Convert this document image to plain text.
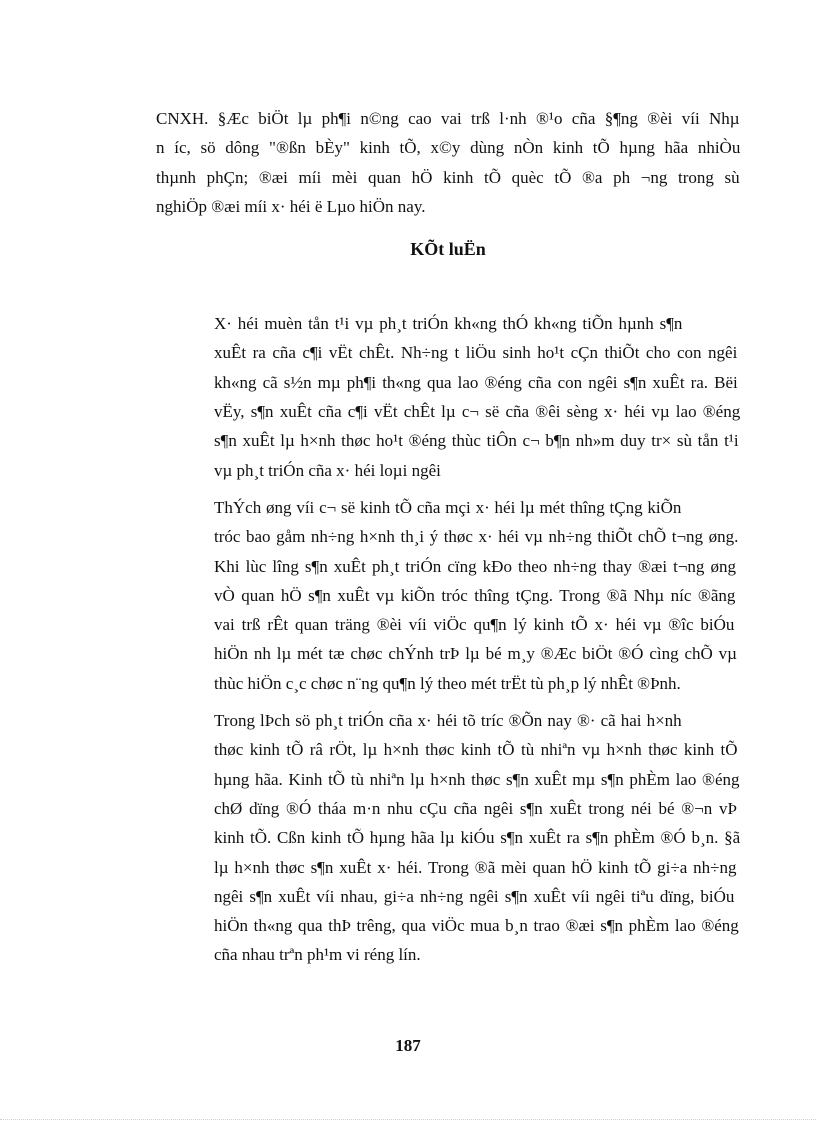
CNXH. §Æc biÖt lµ ph¶i n©ng cao vai trß l·nh ®¹o cña §¶ng ®èi víi Nhµ
n íc, sö dông "®ßn bÈy" kinh tÕ, x©y dùng nÒn kinh tÕ hµng hãa nhiÒu
thµnh phÇn; ®æi míi mèi quan hÖ kinh tÕ quèc tÕ ®a ph ¬ng trong sù
nghiÖp ®æi míi x· héi ë Lµo hiÖn nay.

KÕt luËn

X· héi muèn tån t¹i vµ ph¸t triÓn kh«ng thÓ kh«ng tiÕn hµnh s¶n
xuÊt ra cña c¶i vËt chÊt. Nh÷ng t liÖu sinh ho¹t cÇn thiÕt cho con ngêi
kh«ng cã s½n mµ ph¶i th«ng qua lao ®éng cña con ngêi s¶n xuÊt ra. Bëi
vËy, s¶n xuÊt cña c¶i vËt chÊt lµ c¬ së cña ®êi sèng x· héi vµ lao ®éng
s¶n xuÊt lµ h×nh thøc ho¹t ®éng thùc tiÔn c¬ b¶n nh»m duy tr× sù tån t¹i
vµ ph¸t triÓn cña x· héi loµi ngêi

ThÝch øng víi c¬ së kinh tÕ cña mçi x· héi lµ mét thîng tÇng kiÕn
tróc bao gåm nh÷ng h×nh th¸i ý thøc x· héi vµ nh÷ng thiÕt chÕ t¬ng øng.
Khi lùc lîng s¶n xuÊt ph¸t triÓn cïng kÐo theo nh÷ng thay ®æi t¬ng øng
vÒ quan hÖ s¶n xuÊt vµ kiÕn tróc thîng tÇng. Trong ®ã Nhµ níc ®ãng
vai trß rÊt quan träng ®èi víi viÖc qu¶n lý kinh tÕ x· héi vµ ®îc biÓu
hiÖn nh lµ mét tæ chøc chÝnh trÞ lµ bé m¸y ®Æc biÖt ®Ó cìng chÕ vµ
thùc hiÖn c¸c chøc n¨ng qu¶n lý theo mét trËt tù ph¸p lý nhÊt ®Þnh.

Trong lÞch sö ph¸t triÓn cña x· héi tõ tríc ®Õn nay ®· cã hai h×nh
thøc kinh tÕ râ rÖt, lµ h×nh thøc kinh tÕ tù nhiªn vµ h×nh thøc kinh tÕ
hµng hãa. Kinh tÕ tù nhiªn lµ h×nh thøc s¶n xuÊt mµ s¶n phÈm lao ®éng
chØ dïng ®Ó tháa m·n nhu cÇu cña ngêi s¶n xuÊt trong néi bé ®¬n vÞ
kinh tÕ. Cßn kinh tÕ hµng hãa lµ kiÓu s¶n xuÊt ra s¶n phÈm ®Ó b¸n. §ã
lµ h×nh thøc s¶n xuÊt x· héi. Trong ®ã mèi quan hÖ kinh tÕ gi÷a nh÷ng
ngêi s¶n xuÊt víi nhau, gi÷a nh÷ng ngêi s¶n xuÊt víi ngêi tiªu dïng, biÓu
hiÖn th«ng qua thÞ trêng, qua viÖc mua b¸n trao ®æi s¶n phÈm lao ®éng
cña nhau trªn ph¹m vi réng lín.

187
